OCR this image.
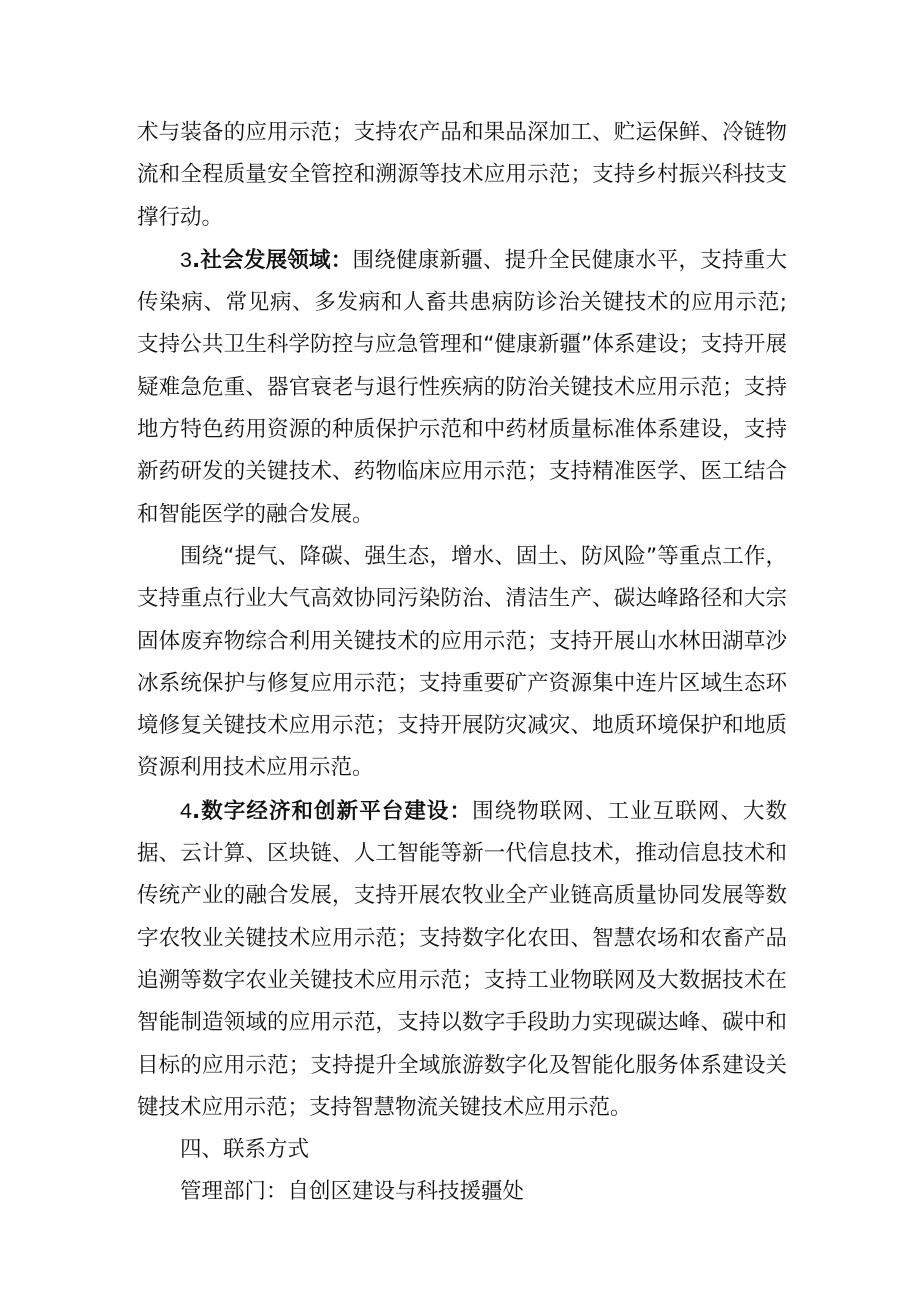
术与装备的应用示范；支持农产品和果品深加工、贮运保鲜、冷链物流和全程质量安全管控和溯源等技术应用示范；支持乡村振兴科技支撑行动。

3.社会发展领域：围绕健康新疆、提升全民健康水平，支持重大传染病、常见病、多发病和人畜共患病防诊治关键技术的应用示范;支持公共卫生科学防控与应急管理和“健康新疆”体系建设；支持开展疑难急危重、器官衰老与退行性疾病的防治关键技术应用示范；支持地方特色药用资源的种质保护示范和中药材质量标准体系建设，支持新药研发的关键技术、药物临床应用示范；支持精准医学、医工结合和智能医学的融合发展。

围绕“提气、降碳、强生态，增水、固土、防风险”等重点工作，支持重点行业大气高效协同污染防治、清洁生产、碳达峰路径和大宗固体废弃物综合利用关键技术的应用示范；支持开展山水林田湖草沙冰系统保护与修复应用示范；支持重要矿产资源集中连片区域生态环境修复关键技术应用示范；支持开展防灾减灾、地质环境保护和地质资源利用技术应用示范。

4.数字经济和创新平台建设：围绕物联网、工业互联网、大数据、云计算、区块链、人工智能等新一代信息技术，推动信息技术和传统产业的融合发展，支持开展农牧业全产业链高质量协同发展等数字农牧业关键技术应用示范；支持数字化农田、智慧农场和农畜产品追溯等数字农业关键技术应用示范；支持工业物联网及大数据技术在智能制造领域的应用示范，支持以数字手段助力实现碳达峰、碳中和目标的应用示范；支持提升全域旅游数字化及智能化服务体系建设关键技术应用示范；支持智慧物流关键技术应用示范。

四、联系方式

管理部门：自创区建设与科技援疆处
